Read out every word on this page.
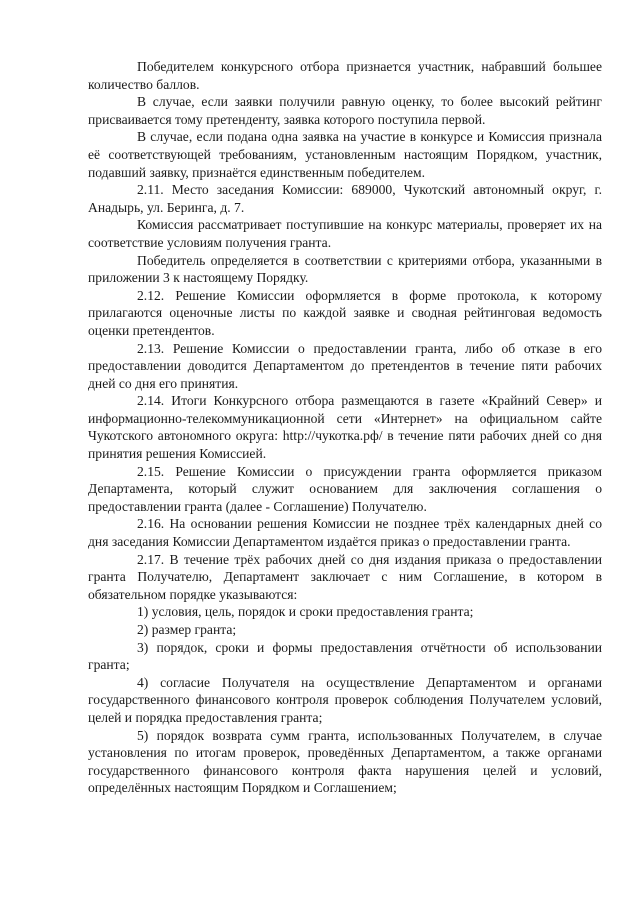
Победителем конкурсного отбора признается участник, набравший большее количество баллов.

В случае, если заявки получили равную оценку, то более высокий рейтинг присваивается тому претенденту, заявка которого поступила первой.

В случае, если подана одна заявка на участие в конкурсе и Комиссия признала её соответствующей требованиям, установленным настоящим Порядком, участник, подавший заявку, признаётся единственным победителем.

2.11. Место заседания Комиссии: 689000, Чукотский автономный округ, г. Анадырь, ул. Беринга, д. 7.

Комиссия рассматривает поступившие на конкурс материалы, проверяет их на соответствие условиям получения гранта.

Победитель определяется в соответствии с критериями отбора, указанными в приложении 3 к настоящему Порядку.

2.12. Решение Комиссии оформляется в форме протокола, к которому прилагаются оценочные листы по каждой заявке и сводная рейтинговая ведомость оценки претендентов.

2.13. Решение Комиссии о предоставлении гранта, либо об отказе в его предоставлении доводится Департаментом до претендентов в течение пяти рабочих дней со дня его принятия.

2.14. Итоги Конкурсного отбора размещаются в газете «Крайний Север» и информационно-телекоммуникационной сети «Интернет» на официальном сайте Чукотского автономного округа: http://чукотка.рф/ в течение пяти рабочих дней со дня принятия решения Комиссией.

2.15. Решение Комиссии о присуждении гранта оформляется приказом Департамента, который служит основанием для заключения соглашения о предоставлении гранта (далее - Соглашение) Получателю.

2.16. На основании решения Комиссии не позднее трёх календарных дней со дня заседания Комиссии Департаментом издаётся приказ о предоставлении гранта.

2.17. В течение трёх рабочих дней со дня издания приказа о предоставлении гранта Получателю, Департамент заключает с ним Соглашение, в котором в обязательном порядке указываются:

1) условия, цель, порядок и сроки предоставления гранта;

2) размер гранта;

3) порядок, сроки и формы предоставления отчётности об использовании гранта;

4) согласие Получателя на осуществление Департаментом и органами государственного финансового контроля проверок соблюдения Получателем условий, целей и порядка предоставления гранта;

5) порядок возврата сумм гранта, использованных Получателем, в случае установления по итогам проверок, проведённых Департаментом, а также органами государственного финансового контроля факта нарушения целей и условий, определённых настоящим Порядком и Соглашением;
